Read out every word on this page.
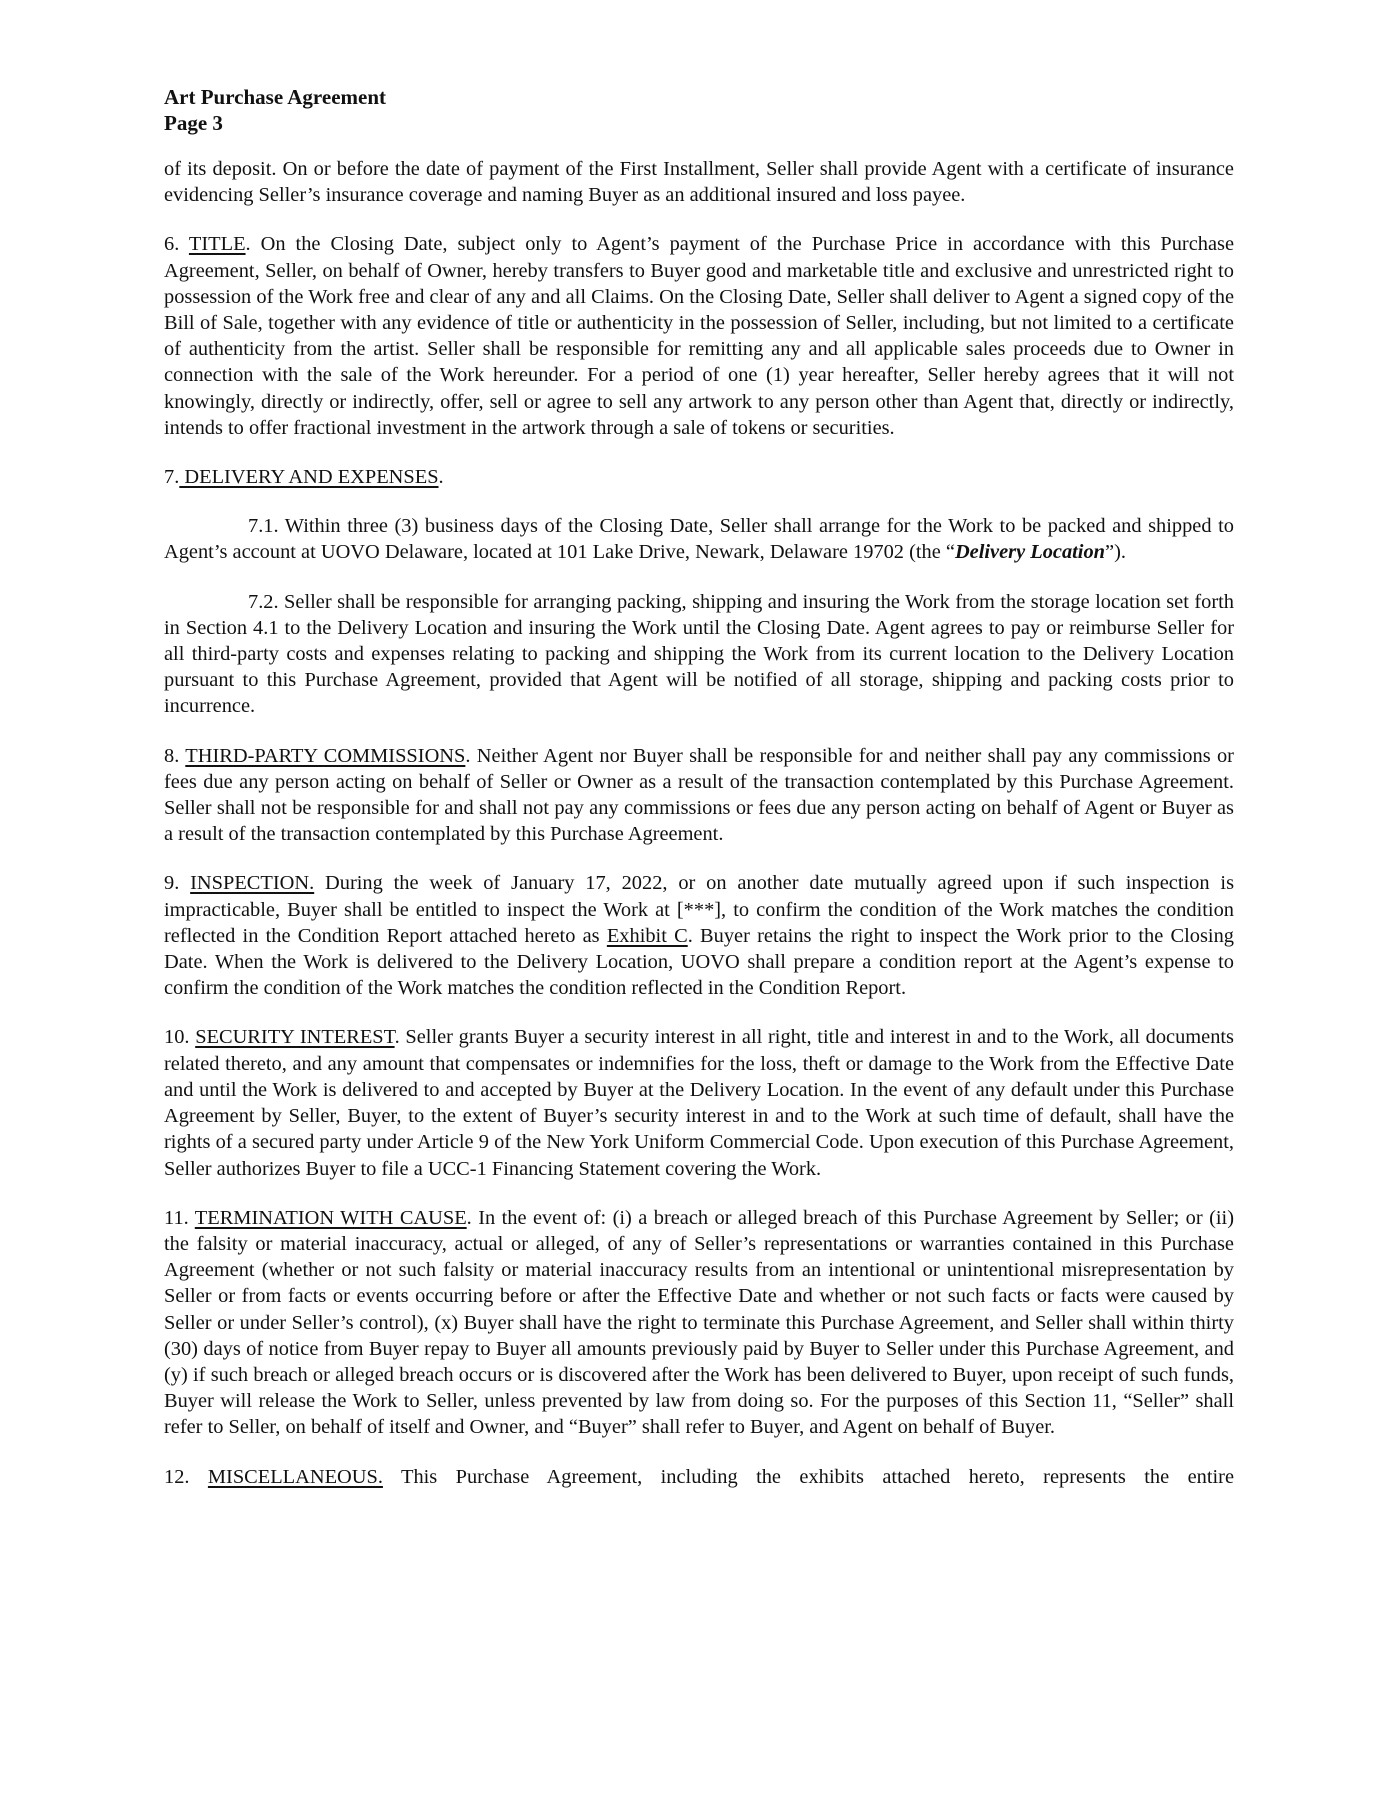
Art Purchase Agreement
Page 3

of its deposit. On or before the date of payment of the First Installment, Seller shall provide Agent with a certificate of insurance evidencing Seller’s insurance coverage and naming Buyer as an additional insured and loss payee.

6. TITLE. On the Closing Date, subject only to Agent’s payment of the Purchase Price in accordance with this Purchase Agreement, Seller, on behalf of Owner, hereby transfers to Buyer good and marketable title and exclusive and unrestricted right to possession of the Work free and clear of any and all Claims. On the Closing Date, Seller shall deliver to Agent a signed copy of the Bill of Sale, together with any evidence of title or authenticity in the possession of Seller, including, but not limited to a certificate of authenticity from the artist. Seller shall be responsible for remitting any and all applicable sales proceeds due to Owner in connection with the sale of the Work hereunder. For a period of one (1) year hereafter, Seller hereby agrees that it will not knowingly, directly or indirectly, offer, sell or agree to sell any artwork to any person other than Agent that, directly or indirectly, intends to offer fractional investment in the artwork through a sale of tokens or securities.

7. DELIVERY AND EXPENSES.

7.1. Within three (3) business days of the Closing Date, Seller shall arrange for the Work to be packed and shipped to Agent’s account at UOVO Delaware, located at 101 Lake Drive, Newark, Delaware 19702 (the “Delivery Location”).

7.2. Seller shall be responsible for arranging packing, shipping and insuring the Work from the storage location set forth in Section 4.1 to the Delivery Location and insuring the Work until the Closing Date. Agent agrees to pay or reimburse Seller for all third-party costs and expenses relating to packing and shipping the Work from its current location to the Delivery Location pursuant to this Purchase Agreement, provided that Agent will be notified of all storage, shipping and packing costs prior to incurrence.

8. THIRD-PARTY COMMISSIONS. Neither Agent nor Buyer shall be responsible for and neither shall pay any commissions or fees due any person acting on behalf of Seller or Owner as a result of the transaction contemplated by this Purchase Agreement. Seller shall not be responsible for and shall not pay any commissions or fees due any person acting on behalf of Agent or Buyer as a result of the transaction contemplated by this Purchase Agreement.

9. INSPECTION. During the week of January 17, 2022, or on another date mutually agreed upon if such inspection is impracticable, Buyer shall be entitled to inspect the Work at [***], to confirm the condition of the Work matches the condition reflected in the Condition Report attached hereto as Exhibit C. Buyer retains the right to inspect the Work prior to the Closing Date. When the Work is delivered to the Delivery Location, UOVO shall prepare a condition report at the Agent’s expense to confirm the condition of the Work matches the condition reflected in the Condition Report.

10. SECURITY INTEREST. Seller grants Buyer a security interest in all right, title and interest in and to the Work, all documents related thereto, and any amount that compensates or indemnifies for the loss, theft or damage to the Work from the Effective Date and until the Work is delivered to and accepted by Buyer at the Delivery Location. In the event of any default under this Purchase Agreement by Seller, Buyer, to the extent of Buyer’s security interest in and to the Work at such time of default, shall have the rights of a secured party under Article 9 of the New York Uniform Commercial Code. Upon execution of this Purchase Agreement, Seller authorizes Buyer to file a UCC-1 Financing Statement covering the Work.

11. TERMINATION WITH CAUSE. In the event of: (i) a breach or alleged breach of this Purchase Agreement by Seller; or (ii) the falsity or material inaccuracy, actual or alleged, of any of Seller’s representations or warranties contained in this Purchase Agreement (whether or not such falsity or material inaccuracy results from an intentional or unintentional misrepresentation by Seller or from facts or events occurring before or after the Effective Date and whether or not such facts or facts were caused by Seller or under Seller’s control), (x) Buyer shall have the right to terminate this Purchase Agreement, and Seller shall within thirty (30) days of notice from Buyer repay to Buyer all amounts previously paid by Buyer to Seller under this Purchase Agreement, and (y) if such breach or alleged breach occurs or is discovered after the Work has been delivered to Buyer, upon receipt of such funds, Buyer will release the Work to Seller, unless prevented by law from doing so. For the purposes of this Section 11, “Seller” shall refer to Seller, on behalf of itself and Owner, and “Buyer” shall refer to Buyer, and Agent on behalf of Buyer.

12. MISCELLANEOUS. This Purchase Agreement, including the exhibits attached hereto, represents the entire
